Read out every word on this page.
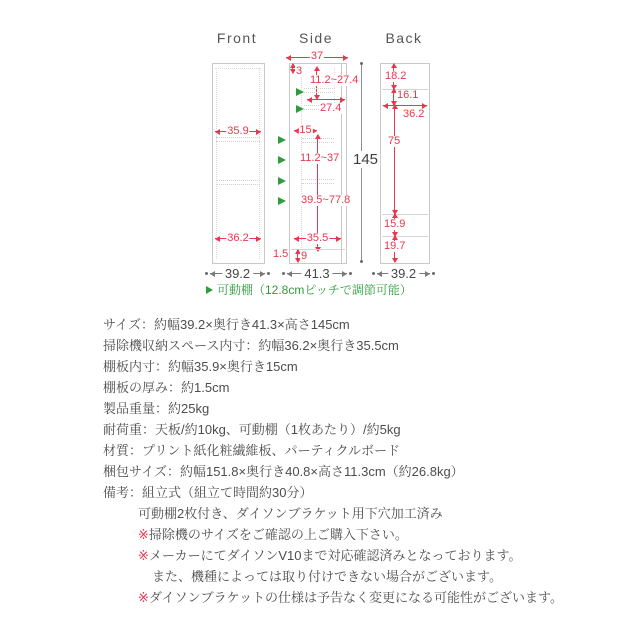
Front	Side	Back
35.9
36.2
37
3
11.2~27.4
27.4
15
11.2~37
39.5~77.8
35.5
9
1.5
145
18.2
16.1
36.2
75
15.9
19.7
39.2	41.3	39.2
可動棚（12.8cmピッチで調節可能）
サイズ：約幅39.2×奥行き41.3×高さ145cm
掃除機収納スペース内寸：約幅36.2×奥行き35.5cm
棚板内寸：約幅35.9×奥行き15cm
棚板の厚み：約1.5cm
製品重量：約25kg
耐荷重：天板/約10kg、可動棚（1枚あたり）/約5kg
材質：プリント紙化粧繊維板、パーティクルボード
梱包サイズ：約幅151.8×奥行き40.8×高さ11.3cm（約26.8kg）
備考：組立式（組立て時間約30分）
可動棚2枚付き、ダイソンブラケット用下穴加工済み
※掃除機のサイズをご確認の上ご購入下さい。
※メーカーにてダイソンV10まで対応確認済みとなっております。
また、機種によっては取り付けできない場合がございます。
※ダイソンブラケットの仕様は予告なく変更になる可能性がございます。
